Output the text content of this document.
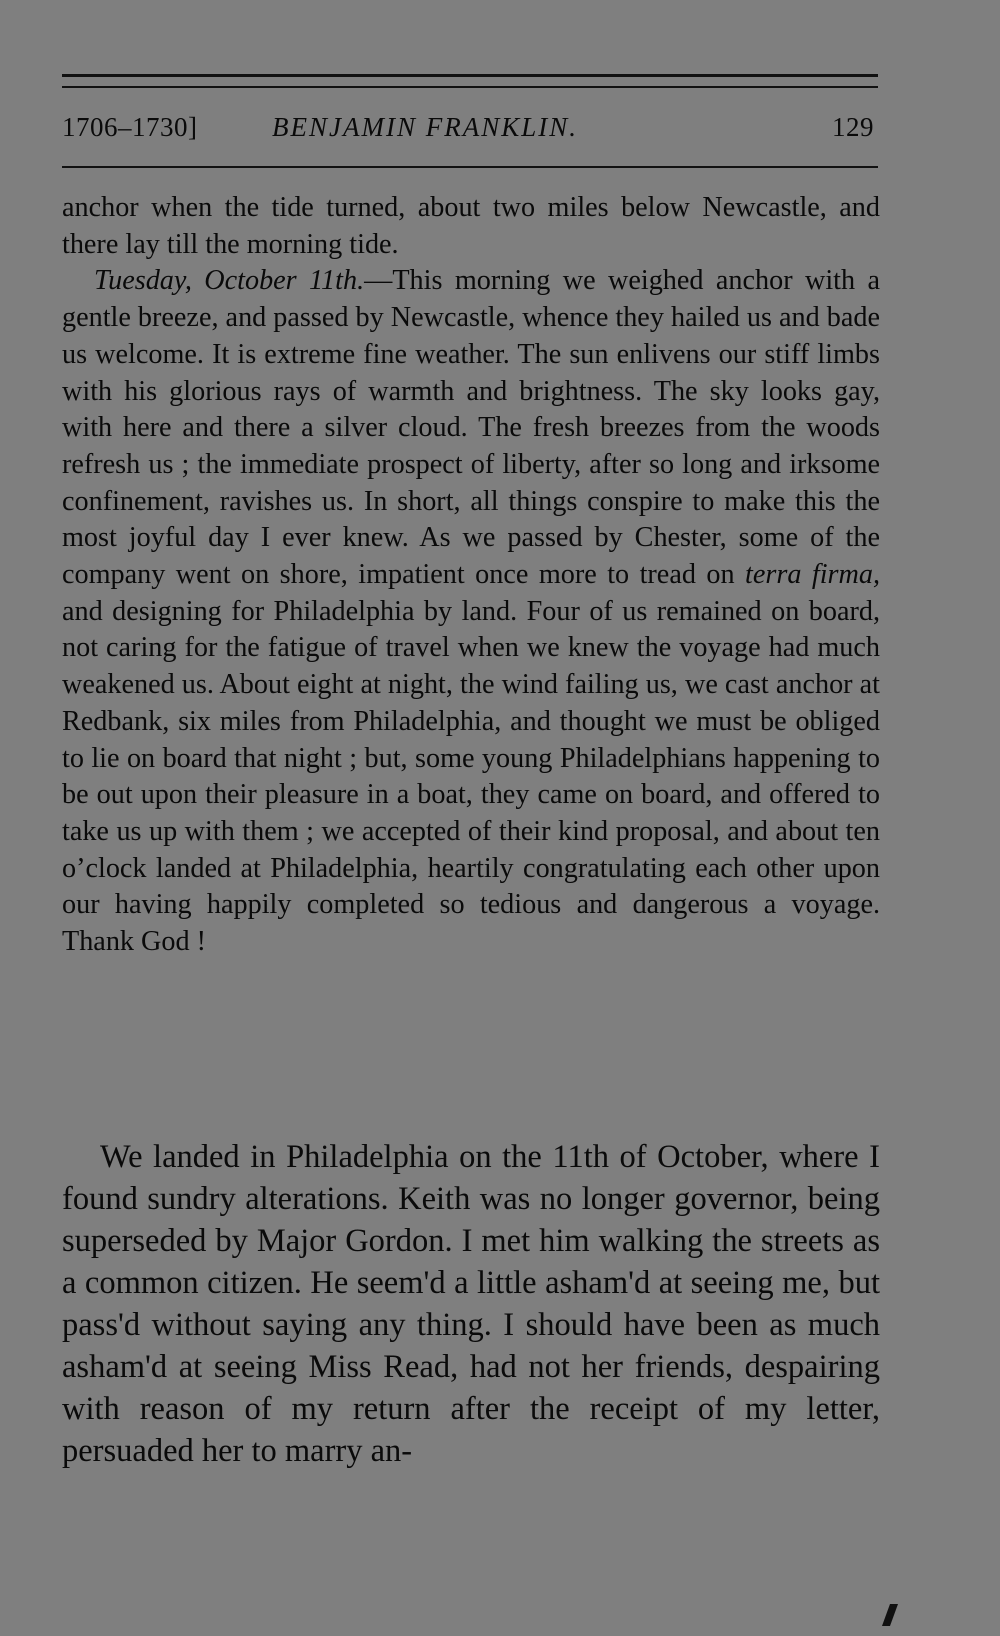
1706–1730]	BENJAMIN FRANKLIN.	129

anchor when the tide turned, about two miles below Newcastle, and there lay till the morning tide.

Tuesday, October 11th.—This morning we weighed anchor with a gentle breeze, and passed by Newcastle, whence they hailed us and bade us welcome. It is extreme fine weather. The sun enlivens our stiff limbs with his glorious rays of warmth and brightness. The sky looks gay, with here and there a silver cloud. The fresh breezes from the woods refresh us ; the immediate prospect of liberty, after so long and irksome confinement, ravishes us. In short, all things conspire to make this the most joyful day I ever knew. As we passed by Chester, some of the company went on shore, impatient once more to tread on terra firma, and designing for Philadelphia by land. Four of us remained on board, not caring for the fatigue of travel when we knew the voyage had much weakened us. About eight at night, the wind failing us, we cast anchor at Redbank, six miles from Philadelphia, and thought we must be obliged to lie on board that night ; but, some young Philadelphians happening to be out upon their pleasure in a boat, they came on board, and offered to take us up with them ; we accepted of their kind proposal, and about ten o’clock landed at Philadelphia, heartily congratulating each other upon our having happily completed so tedious and dangerous a voyage. Thank God !

We landed in Philadelphia on the 11th of October, where I found sundry alterations. Keith was no longer governor, being superseded by Major Gordon. I met him walking the streets as a common citizen. He seem'd a little asham'd at seeing me, but pass'd without saying any thing. I should have been as much asham'd at seeing Miss Read, had not her friends, despairing with reason of my return after the receipt of my letter, persuaded her to marry an-
